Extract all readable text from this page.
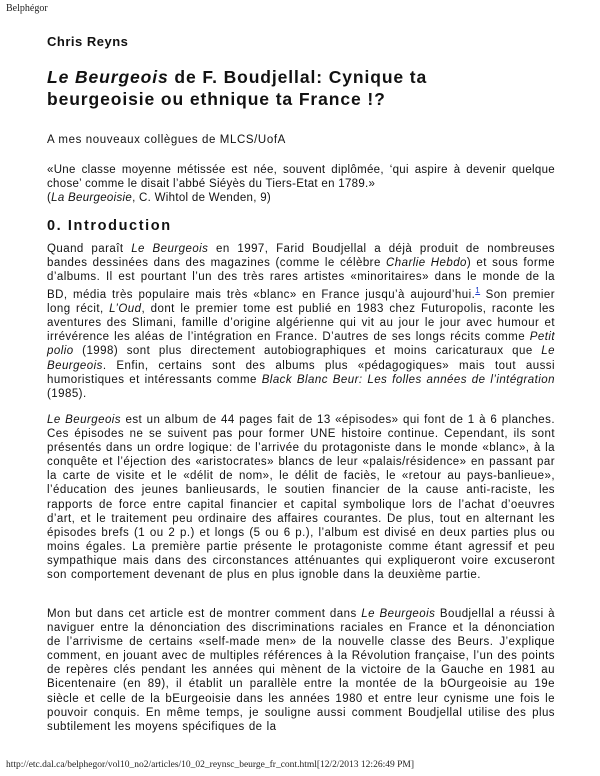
Belphégor
Chris Reyns
Le Beurgeois de F. Boudjellal: Cynique ta
beurgeoisie ou ethnique ta France !?
A mes nouveaux collègues de MLCS/UofA
«Une classe moyenne métissée est née, souvent diplômée, ‘qui aspire à devenir quelque chose’ comme le disait l’abbé Siéyès du Tiers-Etat en 1789.»
(La Beurgeoisie, C. Wihtol de Wenden, 9)
0. Introduction
Quand paraît Le Beurgeois en 1997, Farid Boudjellal a déjà produit de nombreuses bandes dessinées dans des magazines (comme le célèbre Charlie Hebdo) et sous forme d’albums. Il est pourtant l’un des très rares artistes «minoritaires» dans le monde de la BD, média très populaire mais très «blanc» en France jusqu’à aujourd’hui.$^1$ Son premier long récit, L’Oud, dont le premier tome est publié en 1983 chez Futuropolis, raconte les aventures des Slimani, famille d’origine algérienne qui vit au jour le jour avec humour et irrévérence les aléas de l’intégration en France. D’autres de ses longs récits comme Petit polio (1998) sont plus directement autobiographiques et moins caricaturaux que Le Beurgeois. Enfin, certains sont des albums plus «pédagogiques» mais tout aussi humoristiques et intéressants comme Black Blanc Beur: Les folles années de l’intégration (1985).
Le Beurgeois est un album de 44 pages fait de 13 «épisodes» qui font de 1 à 6 planches. Ces épisodes ne se suivent pas pour former UNE histoire continue. Cependant, ils sont présentés dans un ordre logique: de l’arrivée du protagoniste dans le monde «blanc», à la conquête et l’éjection des «aristocrates» blancs de leur «palais/résidence» en passant par la carte de visite et le «délit de nom», le délit de faciès, le «retour au pays-banlieue», l’éducation des jeunes banlieusards, le soutien financier de la cause anti-raciste, les rapports de force entre capital financier et capital symbolique lors de l’achat d’oeuvres d’art, et le traitement peu ordinaire des affaires courantes. De plus, tout en alternant les épisodes brefs (1 ou 2 p.) et longs (5 ou 6 p.), l’album est divisé en deux parties plus ou moins égales. La première partie présente le protagoniste comme étant agressif et peu sympathique mais dans des circonstances atténuantes qui expliqueront voire excuseront son comportement devenant de plus en plus ignoble dans la deuxième partie.
Mon but dans cet article est de montrer comment dans Le Beurgeois Boudjellal a réussi à naviguer entre la dénonciation des discriminations raciales en France et la dénonciation de l’arrivisme de certains «self-made men» de la nouvelle classe des Beurs. J’explique comment, en jouant avec de multiples références à la Révolution française, l’un des points de repères clés pendant les années qui mènent de la victoire de la Gauche en 1981 au Bicentenaire (en 89), il établit un parallèle entre la montée de la bOurgeoisie au 19e siècle et celle de la bEurgeoisie dans les années 1980 et entre leur cynisme une fois le pouvoir conquis. En même temps, je souligne aussi comment Boudjellal utilise des plus subtilement les moyens spécifiques de la
http://etc.dal.ca/belphegor/vol10_no2/articles/10_02_reynsc_beurge_fr_cont.html[12/2/2013 12:26:49 PM]
